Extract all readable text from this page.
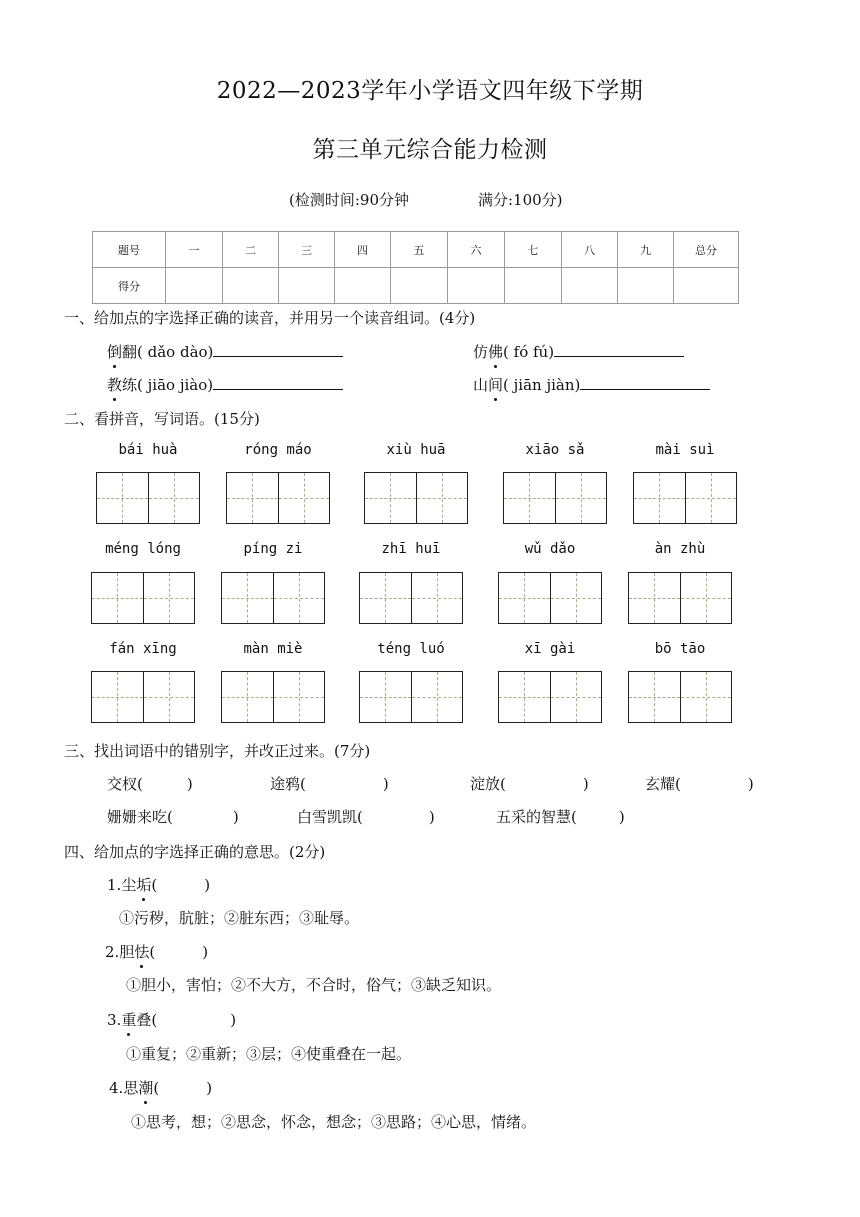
2022—2023学年小学语文四年级下学期
第三单元综合能力检测
(检测时间:90分钟	满分:100分)
题号	一	二	三	四	五	六	七	八	九	总分
得分										
一、给加点的字选择正确的读音，并用另一个读音组词。(4分)
倒翻( dǎo dào)	仿佛( fó fú)
教练( jiāo jiào)	山间( jiān jiàn)
二、看拼音，写词语。(15分)
bái huà	róng máo	xiù huā	xiāo sǎ	mài suì
méng lóng	píng zi	zhī huī	wǔ dǎo	àn zhù
fán xīng	màn miè	téng luó	xī gài	bō tāo
三、找出词语中的错别字，并改正过来。(7分)
交杈(	)	途鸦(	)	淀放(	)	玄耀(	)
姗姗来吃(	)	白雪凯凯(	)	五采的智慧(	)
四、给加点的字选择正确的意思。(2分)
1.尘垢(	)
①污秽，肮脏；②脏东西；③耻辱。
2.胆怯(	)
①胆小，害怕；②不大方，不合时，俗气；③缺乏知识。
3.重叠(	)
①重复；②重新；③层；④使重叠在一起。
4.思潮(	)
①思考，想；②思念，怀念，想念；③思路；④心思，情绪。
